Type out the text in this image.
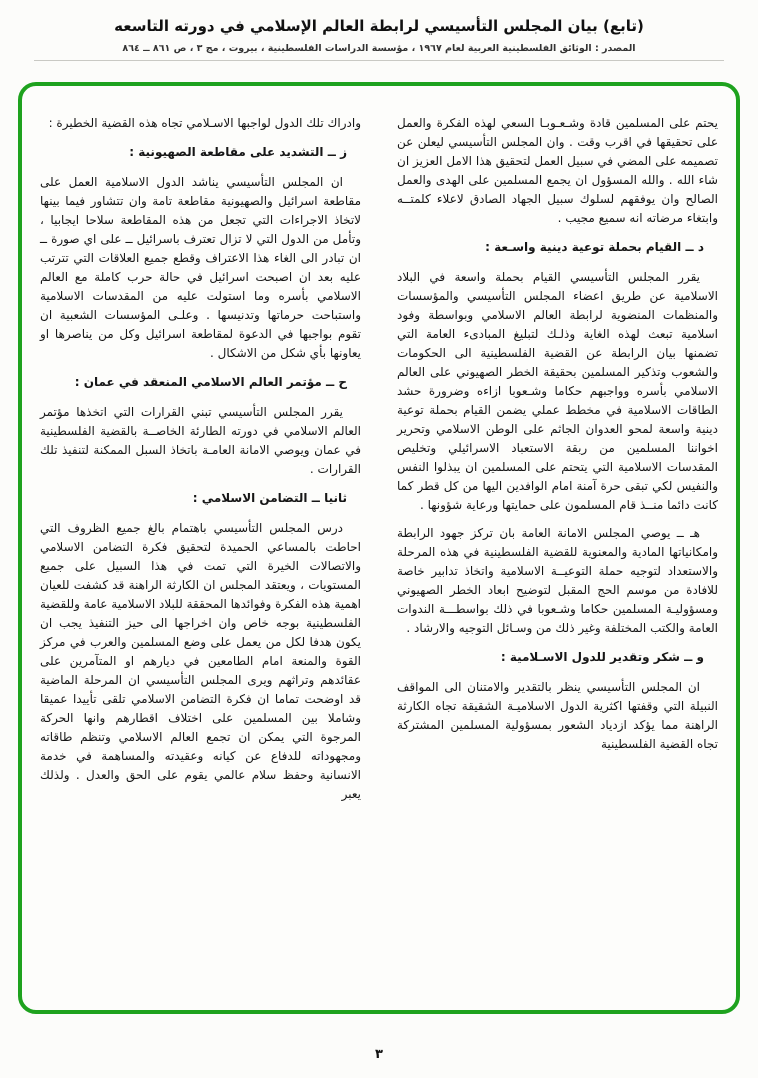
(تابع) بيان المجلس التأسيسي لرابطة العالم الإسلامي في دورته التاسعه
المصدر : الوثائق الفلسطينية العربية لعام ١٩٦٧ ، مؤسسة الدراسات الفلسطينية ، بيروت ، مج ٣ ، ص ٨٦١ ــ ٨٦٤

يحتم على المسلمين قادة وشـعـوبـا السعي لهذه الفكرة والعمل على تحقيقها في اقرب وقت . وان المجلس التأسيسي ليعلن عن تصميمه على المضي في سبيل العمل لتحقيق هذا الامل العزيز ان شاء الله . والله المسؤول ان يجمع المسلمين على الهدى والعمل الصالح وان يوفقهم لسلوك سبيل الجهاد الصادق لاعلاء كلمتــه وابتغاء مرضاته انه سميع مجيب .

د ــ القيام بحملة توعية دينية واسـعة :

يقرر المجلس التأسيسي القيام بحملة واسعة في البلاد الاسلامية عن طريق اعضاء المجلس التأسيسي والمؤسسات والمنظمات المنضوية لرابطة العالم الاسلامي وبواسطة وفود اسلامية تبعث لهذه الغاية وذلـك لتبليغ المبادىء العامة التي تضمنها بيان الرابطة عن القضية الفلسطينية الى الحكومات والشعوب وتذكير المسلمين بحقيقة الخطر الصهيوني على العالم الاسلامي بأسره وواجبهم حكاما وشـعوبا ازاءه وضرورة حشد الطاقات الاسلامية في مخطط عملي يضمن القيام بحملة توعية دينية واسعة لمحو العدوان الجاثم على الوطن الاسلامي وتحرير اخواننا المسلمين من ربقة الاستعباد الاسرائيلي وتخليص المقدسات الاسلامية التي يتحتم على المسلمين ان يبذلوا النفس والنفيس لكي تبقى حرة آمنة امام الوافدين اليها من كل قطر كما كانت دائما منــذ قام المسلمون على حمايتها ورعاية شؤونها .

هـ ــ يوصي المجلس الامانة العامة بان تركز جهود الرابطة وامكانياتها المادية والمعنوية للقضية الفلسطينية في هذه المرحلة والاستعداد لتوجيه حملة التوعيــة الاسلامية واتخاذ تدابير خاصة للافادة من موسم الحج المقبل لتوضيح ابعاد الخطر الصهيوني ومسؤوليـة المسلمين حكاما وشـعوبا في ذلك بواسطـــة الندوات العامة والكتب المختلفة وغير ذلك من وسـائل التوجيه والارشاد .

و ــ شكر وتقدير للدول الاسـلامية :

ان المجلس التأسيسي ينظر بالتقدير والامتنان الى المواقف النبيلة التي وقفتها اكثرية الدول الاسلاميـة الشقيقة تجاه الكارثة الراهنة مما يؤكد ازدياد الشعور بمسؤولية المسلمين المشتركة تجاه القضية الفلسطينية

وادراك تلك الدول لواجبها الاسـلامي تجاه هذه القضية الخطيرة :

ز ــ التشديد على مقاطعة الصهيونية :

ان المجلس التأسيسي يناشد الدول الاسلامية العمل على مقاطعة اسرائيل والصهيونية مقاطعة تامة وان تتشاور فيما بينها لاتخاذ الاجراءات التي تجعل من هذه المقاطعة سلاحا ايجابيا ، وتأمل من الدول التي لا تزال تعترف باسرائيل ــ على اي صورة ــ ان تبادر الى الغاء هذا الاعتراف وقطع جميع العلاقات التي تترتب عليه بعد ان اصبحت اسرائيل في حالة حرب كاملة مع العالم الاسلامي بأسره وما استولت عليه من المقدسات الاسلامية واستباحت حرماتها وتدنيسها . وعلـى المؤسسات الشعبية ان تقوم بواجبها في الدعوة لمقاطعة اسرائيل وكل من يناصرها او يعاونها بأي شكل من الاشكال .

ح ــ مؤتمر العالم الاسلامي المنعقد في عمان :

يقرر المجلس التأسيسي تبني القرارات التي اتخذها مؤتمر العالم الاسلامي في دورته الطارئة الخاصــة بالقضية الفلسطينية في عمان ويوصي الامانة العامـة باتخاذ السبل الممكنة لتنفيذ تلك القرارات .

ثانيا ــ التضامن الاسلامي :

درس المجلس التأسيسي باهتمام بالغ جميع الظروف التي احاطت بالمساعي الحميدة لتحقيق فكرة التضامن الاسلامي والاتصالات الخيرة التي تمت في هذا السبيل على جميع المستويات ، ويعتقد المجلس ان الكارثة الراهنة قد كشفت للعيان اهمية هذه الفكرة وفوائدها المحققة للبلاد الاسلامية عامة وللقضية الفلسطينية بوجه خاص وان اخراجها الى حيز التنفيذ يجب ان يكون هدفا لكل من يعمل على وضع المسلمين والعرب في مركز القوة والمنعة امام الطامعين في ديارهم او المتآمرين على عقائدهم وتراثهم ويرى المجلس التأسيسي ان المرحلة الماضية قد اوضحت تماما ان فكرة التضامن الاسلامي تلقى تأييدا عميقا وشاملا بين المسلمين على اختلاف اقطارهم وانها الحركة المرجوة التي يمكن ان تجمع العالم الاسلامي وتنظم طاقاته ومجهوداته للدفاع عن كيانه وعقيدته والمساهمة في خدمة الانسانية وحفظ سلام عالمي يقوم على الحق والعدل . ولذلك يعبر

٣
